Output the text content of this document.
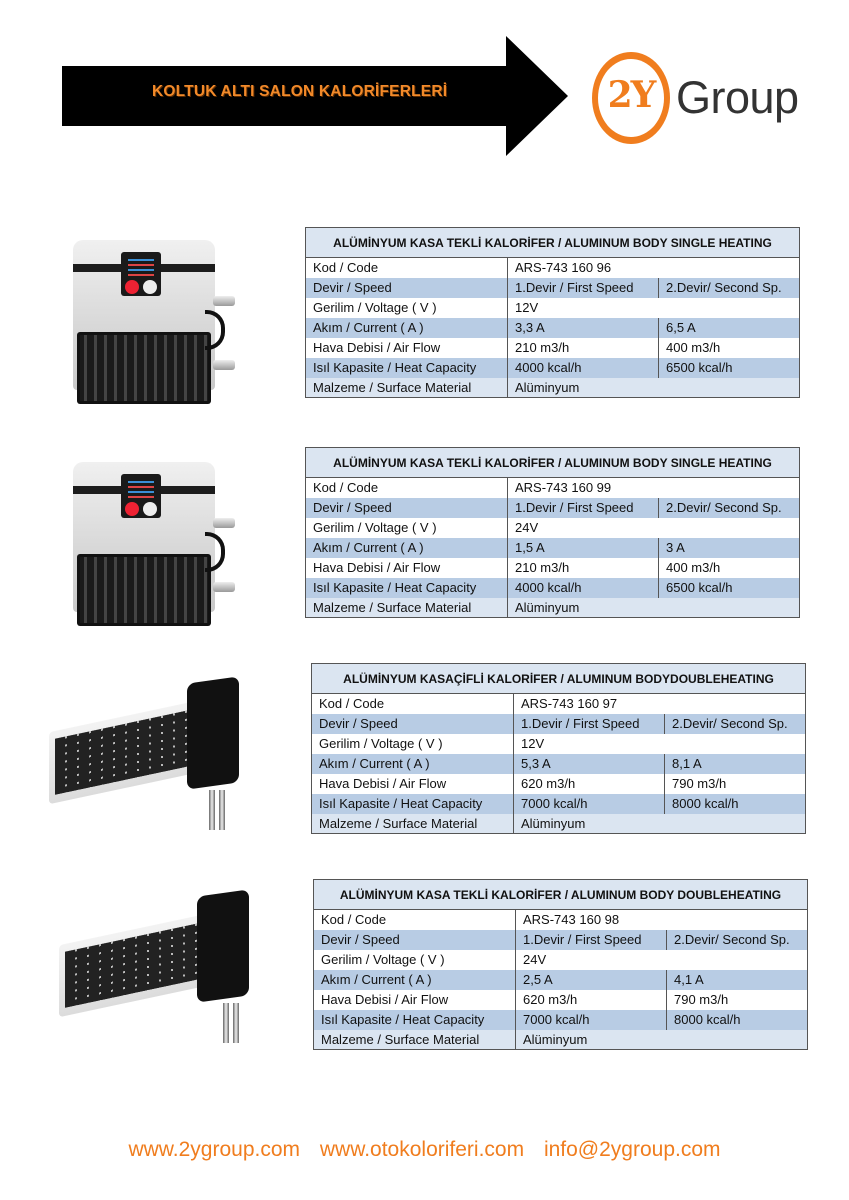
KOLTUK ALTI SALON KALORİFERLERİ	2Y Group
ALÜMİNYUM KASA TEKLİ KALORİFER / ALUMINUM BODY SINGLE HEATING		
Kod / Code	ARS-743 160 96	
Devir / Speed	1.Devir / First Speed	2.Devir/ Second Sp.
Gerilim / Voltage ( V )	12V	
Akım / Current ( A )	3,3 A	6,5 A
Hava Debisi / Air Flow	210 m3/h	400 m3/h
Isıl Kapasite / Heat Capacity	4000 kcal/h	6500 kcal/h
Malzeme / Surface Material	Alüminyum	
ALÜMİNYUM KASA TEKLİ KALORİFER / ALUMINUM BODY SINGLE HEATING		
Kod / Code	ARS-743 160 99	
Devir / Speed	1.Devir / First Speed	2.Devir/ Second Sp.
Gerilim / Voltage ( V )	24V	
Akım / Current ( A )	1,5 A	3 A
Hava Debisi / Air Flow	210 m3/h	400 m3/h
Isıl Kapasite / Heat Capacity	4000 kcal/h	6500 kcal/h
Malzeme / Surface Material	Alüminyum	
ALÜMİNYUM KASAÇİFLİ KALORİFER / ALUMINUM BODYDOUBLEHEATING		
Kod / Code	ARS-743 160 97	
Devir / Speed	1.Devir / First Speed	2.Devir/ Second Sp.
Gerilim / Voltage ( V )	12V	
Akım / Current ( A )	5,3 A	8,1 A
Hava Debisi / Air Flow	620 m3/h	790 m3/h
Isıl Kapasite / Heat Capacity	7000 kcal/h	8000 kcal/h
Malzeme / Surface Material	Alüminyum	
ALÜMİNYUM KASA TEKLİ KALORİFER / ALUMINUM BODY DOUBLEHEATING		
Kod / Code	ARS-743 160 98	
Devir / Speed	1.Devir / First Speed	2.Devir/ Second Sp.
Gerilim / Voltage ( V )	24V	
Akım / Current ( A )	2,5 A	4,1 A
Hava Debisi / Air Flow	620 m3/h	790 m3/h
Isıl Kapasite / Heat Capacity	7000 kcal/h	8000 kcal/h
Malzeme / Surface Material	Alüminyum	
www.2ygroup.com www.otokoloriferi.com info@2ygroup.com
